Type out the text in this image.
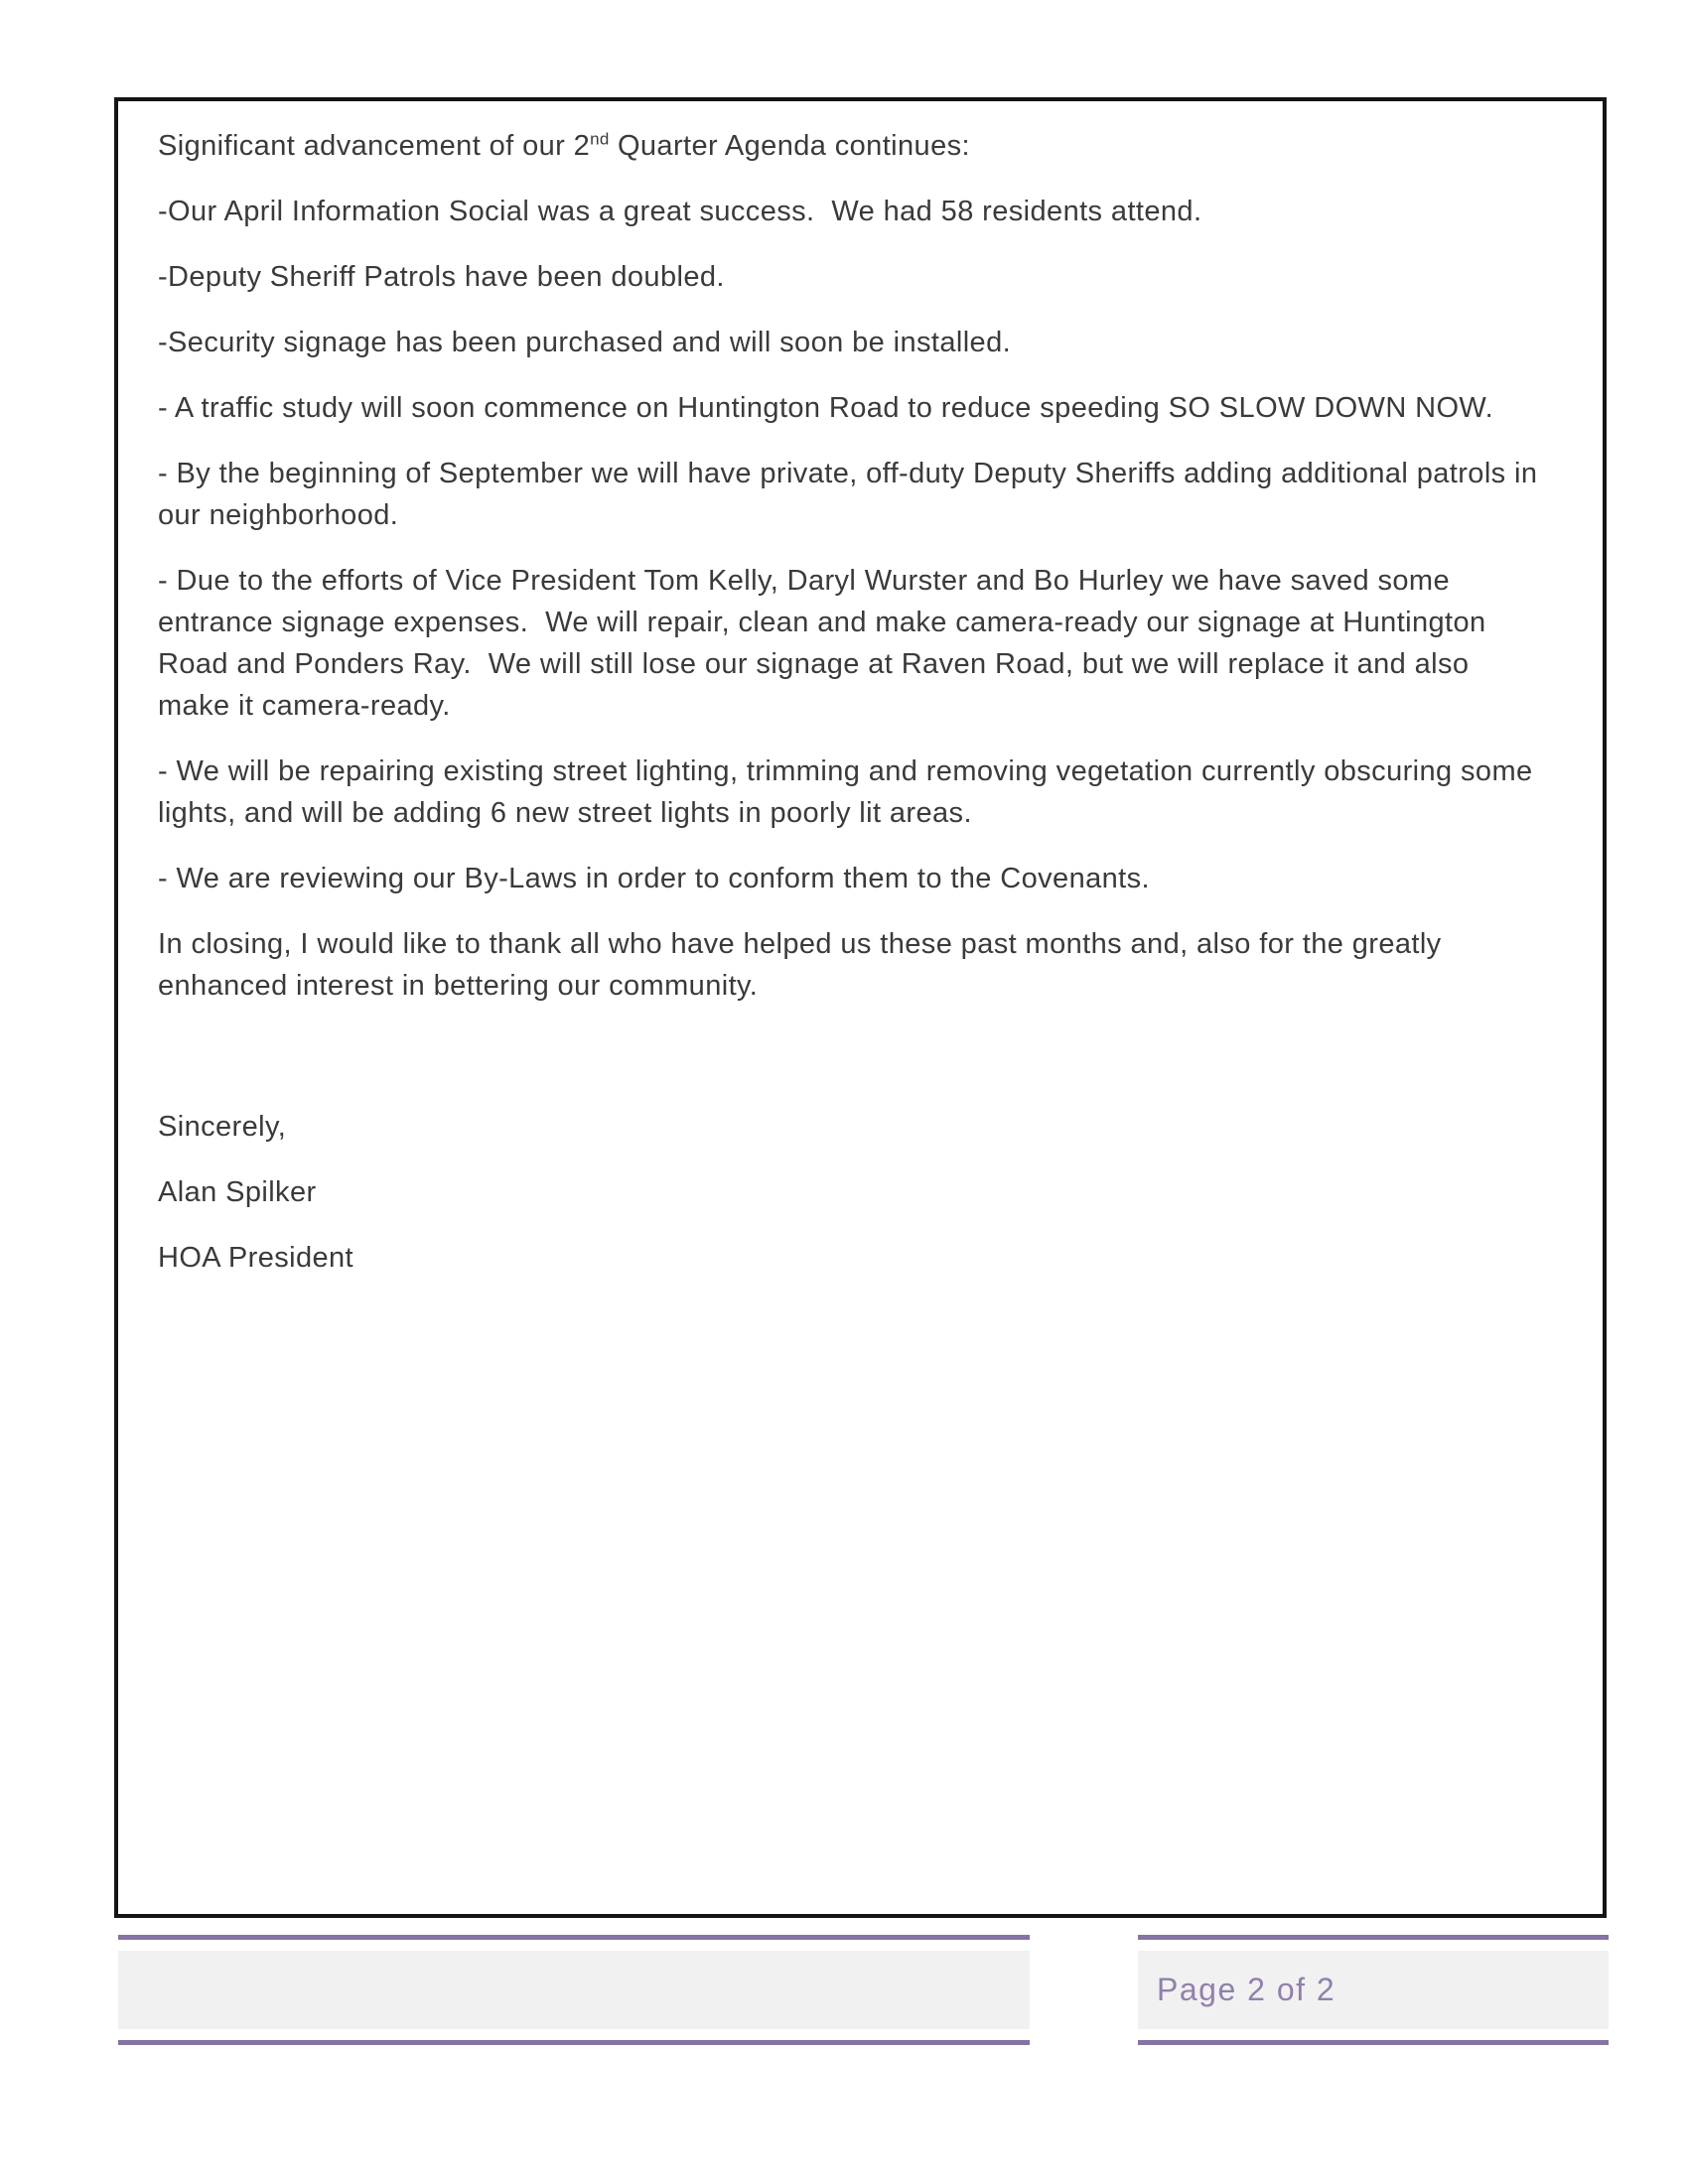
Significant advancement of our 2nd Quarter Agenda continues:

-Our April Information Social was a great success.  We had 58 residents attend.

-Deputy Sheriff Patrols have been doubled.

-Security signage has been purchased and will soon be installed.

- A traffic study will soon commence on Huntington Road to reduce speeding SO SLOW DOWN NOW.

- By the beginning of September we will have private, off-duty Deputy Sheriffs adding additional patrols in our neighborhood.

- Due to the efforts of Vice President Tom Kelly, Daryl Wurster and Bo Hurley we have saved some entrance signage expenses.  We will repair, clean and make camera-ready our signage at Huntington Road and Ponders Ray.  We will still lose our signage at Raven Road, but we will replace it and also make it camera-ready.

- We will be repairing existing street lighting, trimming and removing vegetation currently obscuring some lights, and will be adding 6 new street lights in poorly lit areas.

- We are reviewing our By-Laws in order to conform them to the Covenants.

In closing, I would like to thank all who have helped us these past months and, also for the greatly enhanced interest in bettering our community.

Sincerely,

Alan Spilker

HOA President

Page 2 of 2
